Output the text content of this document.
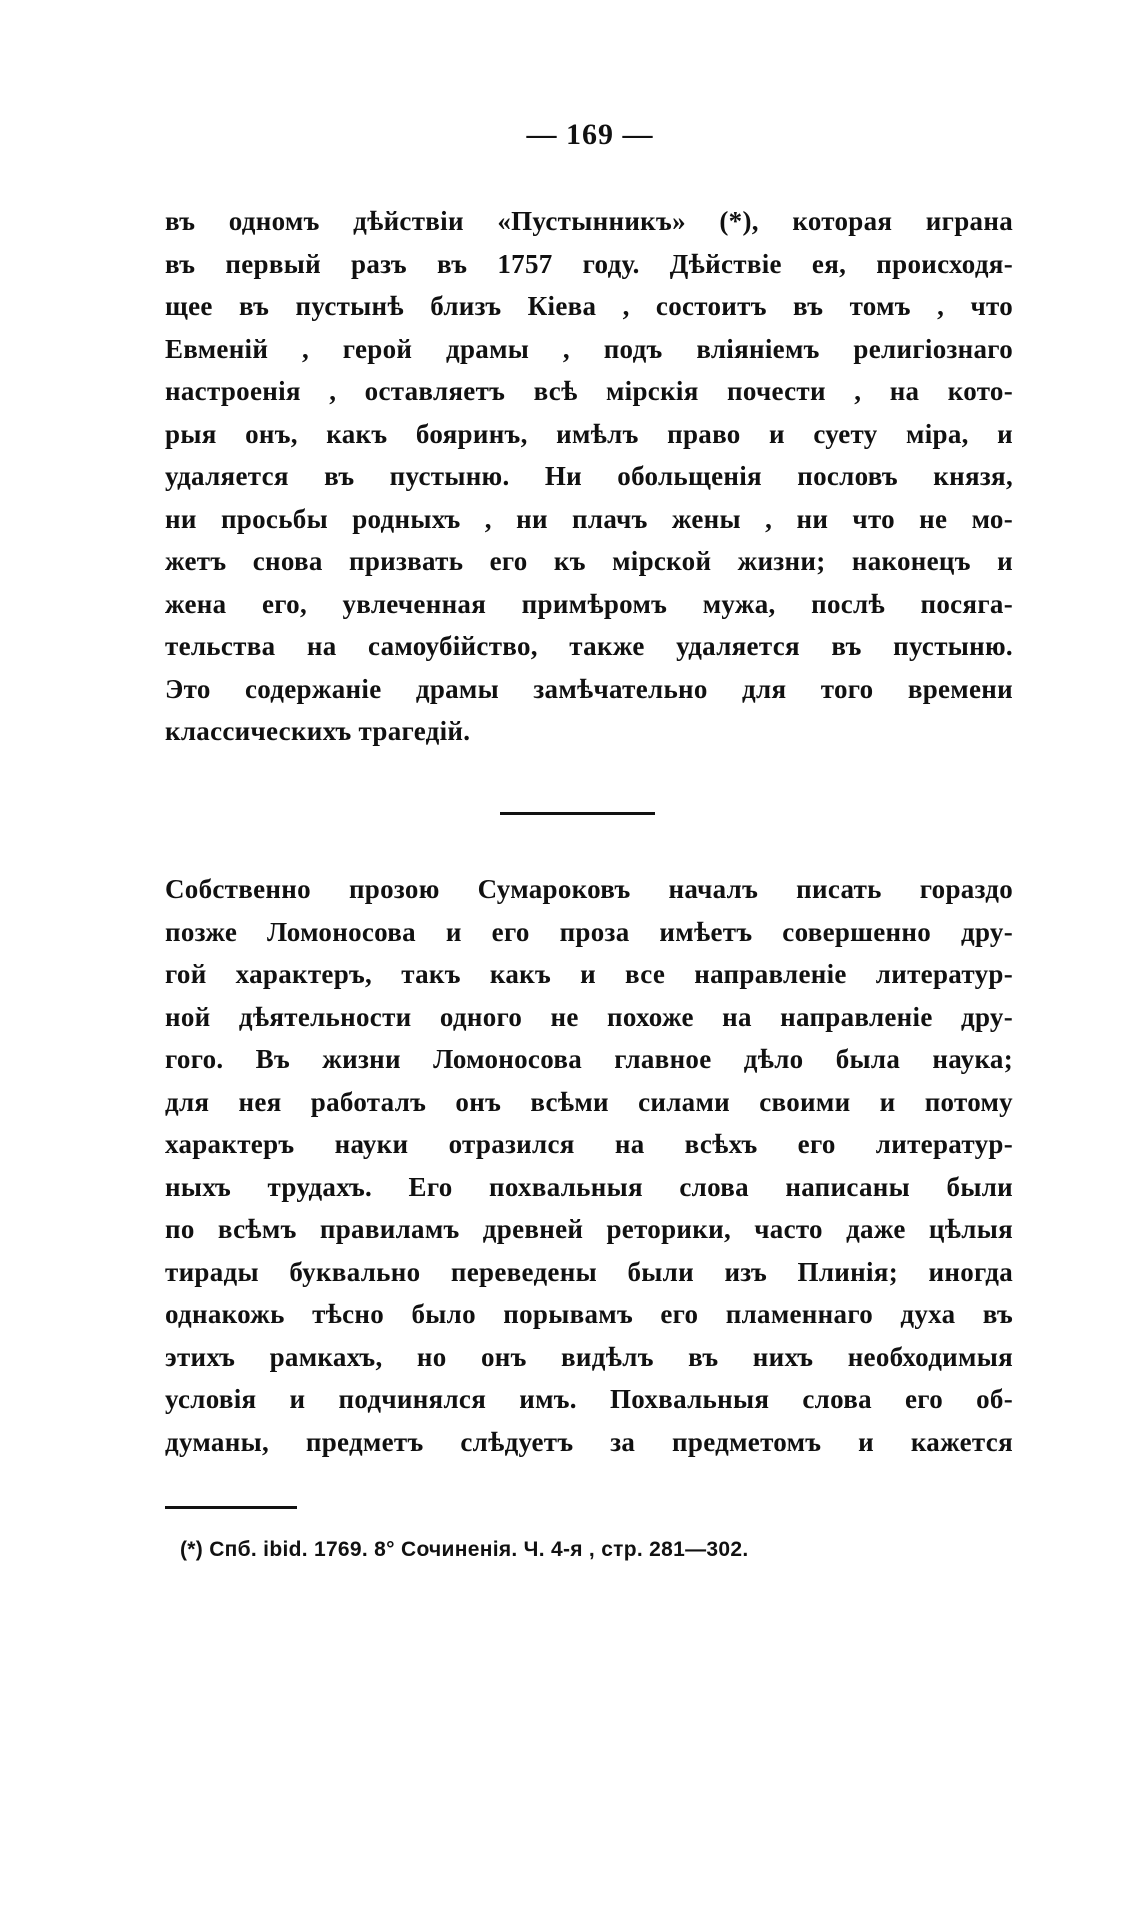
— 169 —
въ одномъ дѣйствіи «Пустынникъ» (*), которая играна
въ первый разъ въ 1757 году. Дѣйствіе ея, происходя-
щее въ пустынѣ близъ Кіева , состоитъ въ томъ , что
Евменій , герой драмы , подъ вліяніемъ религіознаго
настроенія , оставляетъ всѣ мірскія почести , на кото-
рыя онъ, какъ бояринъ, имѣлъ право и суету міра, и
удаляется въ пустыню. Ни обольщенія пословъ князя,
ни просьбы родныхъ , ни плачъ жены , ни что не мо-
жетъ снова призвать его къ мірской жизни; наконецъ и
жена его, увлеченная примѣромъ мужа, послѣ посяга-
тельства на самоубійство, также удаляется въ пустыню.
Это содержаніе драмы замѣчательно для того времени
классическихъ трагедій.
Собственно прозою Сумароковъ началъ писать гораздо
позже Ломоносова и его проза имѣетъ совершенно дру-
гой характеръ, такъ какъ и все направленіе литератур-
ной дѣятельности одного не похоже на направленіе дру-
гого. Въ жизни Ломоносова главное дѣло была наука;
для нея работалъ онъ всѣми силами своими и потому
характеръ науки отразился на всѣхъ его литератур-
ныхъ трудахъ. Его похвальныя слова написаны были
по всѣмъ правиламъ древней реторики, часто даже цѣлыя
тирады буквально переведены были изъ Плинія; иногда
однакожь тѣсно было порывамъ его пламеннаго духа въ
этихъ рамкахъ, но онъ видѣлъ въ нихъ необходимыя
условія и подчинялся имъ. Похвальныя слова его об-
думаны, предметъ слѣдуетъ за предметомъ и кажется
(*) Спб. ibid. 1769. 8° Сочиненія. Ч. 4-я , стр. 281—302.
